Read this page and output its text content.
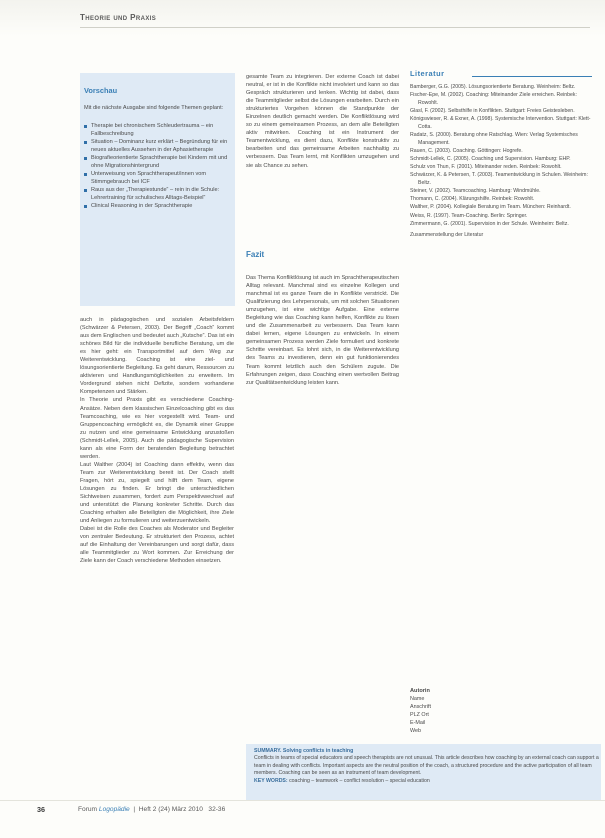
Theorie und Praxis
Vorschau
Mit die nächste Ausgabe sind folgende Themen geplant:
Therapie bei chronischem Schleudertrauma – ein Fallbeschreibung
Situation – Dominanz kurz erklärt – Begründung für ein neues aktuelles Aussehen in der Aphasietherapie
Biografieorientierte Sprachtherapie bei Kindern mit und ohne Migrationshintergrund
Unterweisung von Sprachtherapeut/innen vom Stimmgebrauch bei ICF
Raus aus der „Therapiestunde“ – rein in die Schule: Lehrertraining für schulisches Alltags-Beispiel“
Clinical Reasoning in der Sprachtherapie

auch in pädagogischen und sozialen Arbeitsfeldern (Schwärzer & Petersen, 2003). Der Begriff „Coach“ kommt aus dem Englischen und bedeutet auch „Kutsche“. Das ist ein schönes Bild für die individuelle berufliche Beratung, um die es hier geht: ein Transportmittel auf dem Weg zur Weiterentwicklung. Coaching ist eine ziel- und lösungsorientierte Begleitung. Es geht darum, Ressourcen zu aktivieren und Handlungsmöglichkeiten zu erweitern. Im Vordergrund stehen nicht Defizite, sondern vorhandene Kompetenzen und Stärken.

In Theorie und Praxis gibt es verschiedene Coaching-Ansätze. Neben dem klassischen Einzelcoaching gibt es das Teamcoaching, wie es hier vorgestellt wird. Team- und Gruppencoaching ermöglicht es, die Dynamik einer Gruppe zu nutzen und eine gemeinsame Entwicklung anzustoßen (Schmidt-Lellek, 2005). Auch die pädagogische Supervision kann als eine Form der beratenden Begleitung betrachtet werden.

Laut Walther (2004) ist Coaching dann effektiv, wenn das Team zur Weiterentwicklung bereit ist. Der Coach stellt Fragen, hört zu, spiegelt und hilft dem Team, eigene Lösungen zu finden. Er bringt die unterschiedlichen Sichtweisen zusammen, fordert zum Perspektivwechsel auf und unterstützt die Planung konkreter Schritte. Durch das Coaching erhalten alle Beteiligten die Möglichkeit, ihre Ziele und Anliegen zu formulieren und weiterzuentwickeln.

Dabei ist die Rolle des Coaches als Moderator und Begleiter von zentraler Bedeutung. Er strukturiert den Prozess, achtet auf die Einhaltung der Vereinbarungen und sorgt dafür, dass alle Teammitglieder zu Wort kommen. Zur Erreichung der Ziele kann der Coach verschiedene Methoden einsetzen.

gesamte Team zu integrieren. Der externe Coach ist dabei neutral, er ist in die Konflikte nicht involviert und kann so das Gespräch strukturieren und lenken. Wichtig ist dabei, dass die Teammitglieder selbst die Lösungen erarbeiten. Durch ein strukturiertes Vorgehen können die Standpunkte der Einzelnen deutlich gemacht werden. Die Konfliktlösung wird so zu einem gemeinsamen Prozess, an dem alle Beteiligten aktiv mitwirken. Coaching ist ein Instrument der Teamentwicklung, es dient dazu, Konflikte konstruktiv zu bearbeiten und das gemeinsame Arbeiten nachhaltig zu verbessern. Das Team lernt, mit Konflikten umzugehen und sie als Chance zu sehen.

Fazit

Das Thema Konfliktlösung ist auch im Sprachtherapeutischen Alltag relevant. Manchmal sind es einzelne Kollegen und manchmal ist es ganze Team die in Konflikte verstrickt. Die Qualifizierung des Lehrpersonals, um mit solchen Situationen umzugehen, ist eine wichtige Aufgabe. Eine externe Begleitung wie das Coaching kann helfen, Konflikte zu lösen und die Zusammenarbeit zu verbessern. Das Team kann dabei lernen, eigene Lösungen zu entwickeln. In einem gemeinsamen Prozess werden Ziele formuliert und konkrete Schritte vereinbart. Es lohnt sich, in die Weiterentwicklung des Teams zu investieren, denn ein gut funktionierendes Team kommt letztlich auch den Schülern zugute. Die Erfahrungen zeigen, dass Coaching einen wertvollen Beitrag zur Qualitätsentwicklung leisten kann.

Literatur
Bamberger, G.G. (2005). Lösungsorientierte Beratung. Weinheim: Beltz.
Fischer-Epe, M. (2002). Coaching: Miteinander Ziele erreichen. Reinbek: Rowohlt.
Glasl, F. (2002). Selbsthilfe in Konflikten. Stuttgart: Freies Geistesleben.
Königswieser, R. & Exner, A. (1998). Systemische Intervention. Stuttgart: Klett-Cotta.
Radatz, S. (2000). Beratung ohne Ratschlag. Wien: Verlag Systemisches Management.
Rauen, C. (2003). Coaching. Göttingen: Hogrefe.
Schmidt-Lellek, C. (2005). Coaching und Supervision. Hamburg: EHP.
Schulz von Thun, F. (2001). Miteinander reden. Reinbek: Rowohlt.
Schwärzer, K. & Petersen, T. (2003). Teamentwicklung in Schulen. Weinheim: Beltz.
Steiner, V. (2002). Teamcoaching. Hamburg: Windmühle.
Thomann, C. (2004). Klärungshilfe. Reinbek: Rowohlt.
Walther, P. (2004). Kollegiale Beratung im Team. München: Reinhardt.
Weiss, R. (1997). Team-Coaching. Berlin: Springer.
Zimmermann, G. (2001). Supervision in der Schule. Weinheim: Beltz.
Zusammenstellung der Literatur
Autorin
Name
Anschrift
PLZ Ort
E-Mail
Web
SUMMARY. Solving conflicts in teaching
Conflicts in teams of special educators and speech therapists are not unusual. This article describes how coaching by an external coach can support a team in dealing with conflicts. Important aspects are the neutral position of the coach, a structured procedure and the active participation of all team members. Coaching can be seen as an instrument of team development.
KEY WORDS: coaching – teamwork – conflict resolution – special education
36	Forum Logopädie  |  Heft 2 (24) März 2010 32-36
